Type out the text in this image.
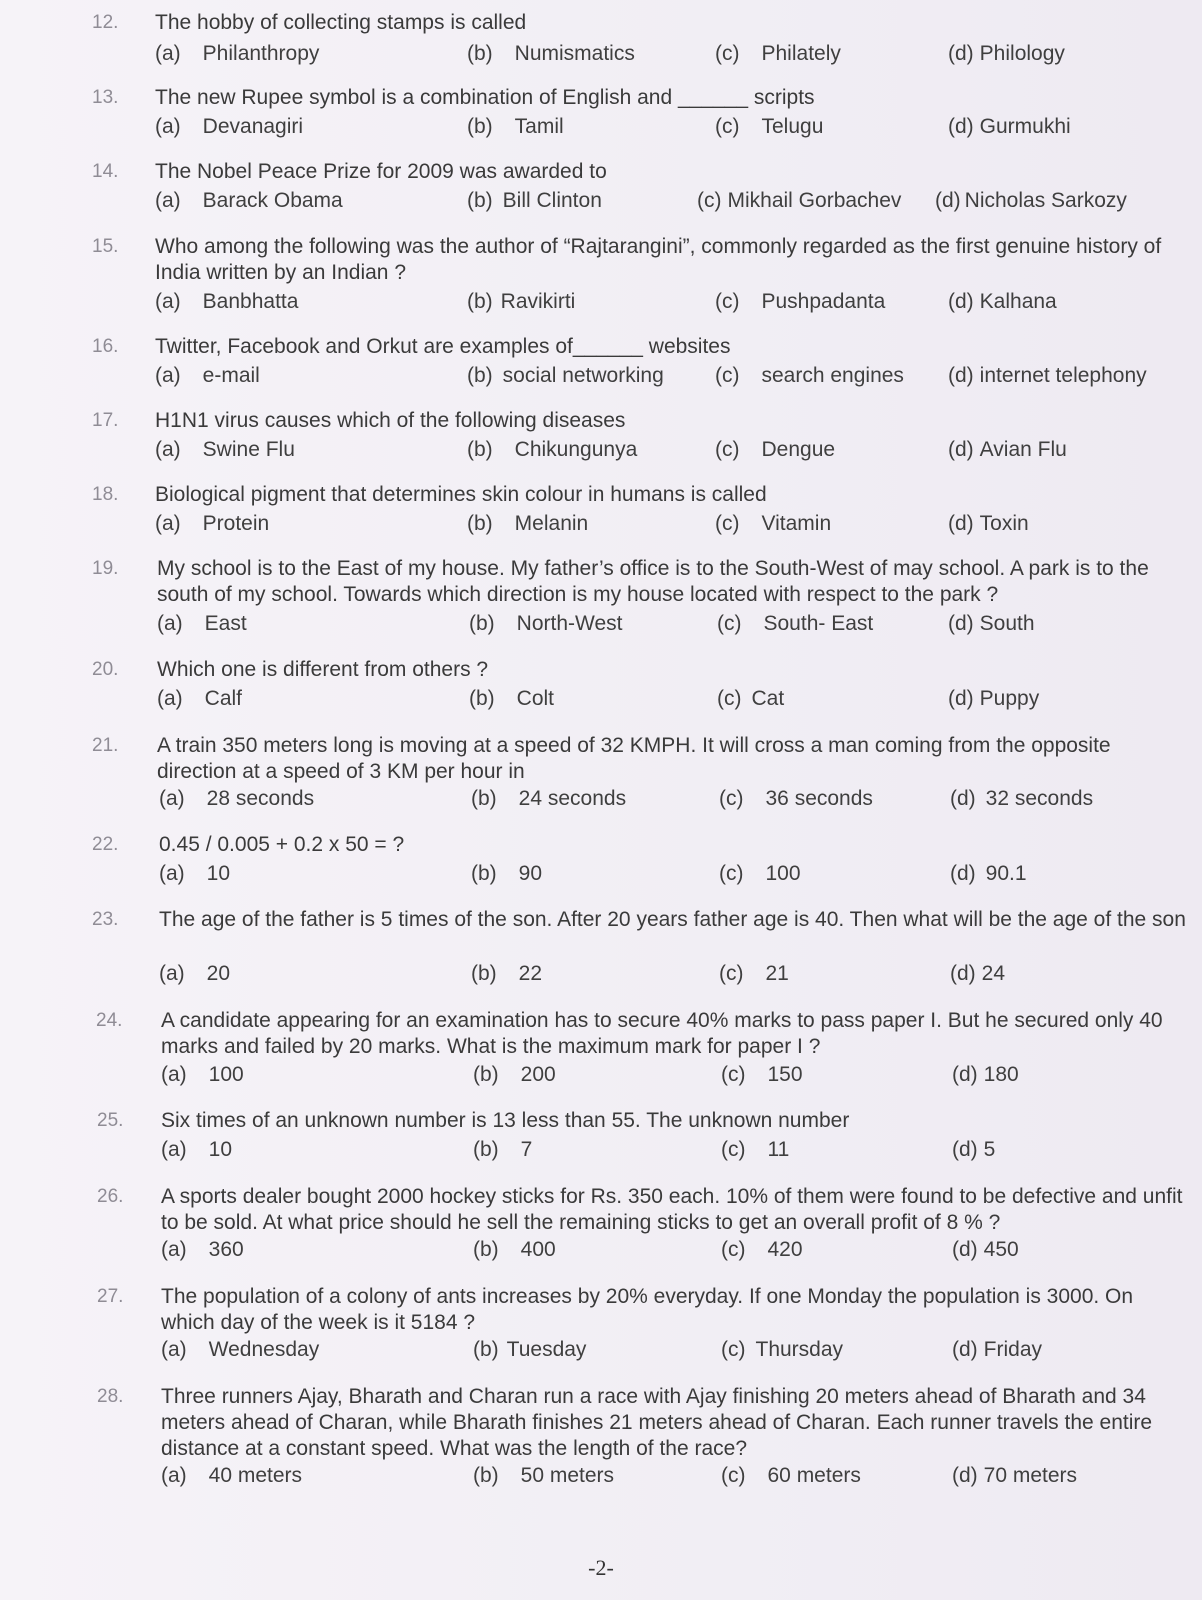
12. The hobby of collecting stamps is called
(a) Philanthropy	(b) Numismatics	(c) Philately	(d) Philology
13. The new Rupee symbol is a combination of English and ______ scripts
(a) Devanagiri	(b) Tamil	(c) Telugu	(d) Gurmukhi
14. The Nobel Peace Prize for 2009 was awarded to
(a) Barack Obama	(b) Bill Clinton	(c) Mikhail Gorbachev (d) Nicholas Sarkozy
15. Who among the following was the author of “Rajtarangini”, commonly regarded as the first genuine history of India written by an Indian ?
(a) Banbhatta	(b) Ravikirti	(c) Pushpadanta	(d) Kalhana
16. Twitter, Facebook and Orkut are examples of______ websites
(a) e-mail	(b) social networking (c) search engines (d) internet telephony
17. H1N1 virus causes which of the following diseases
(a) Swine Flu	(b) Chikungunya	(c) Dengue	(d) Avian Flu
18. Biological pigment that determines skin colour in humans is called
(a) Protein	(b) Melanin	(c) Vitamin	(d) Toxin
19. My school is to the East of my house. My father’s office is to the South-West of may school. A park is to the south of my school. Towards which direction is my house located with respect to the park ?
(a) East	(b) North-West	(c) South- East	(d) South
20. Which one is different from others ?
(a) Calf	(b) Colt	(c) Cat	(d) Puppy
21. A train 350 meters long is moving at a speed of 32 KMPH. It will cross a man coming from the opposite direction at a speed of 3 KM per hour in
(a) 28 seconds	(b) 24 seconds	(c) 36 seconds	(d) 32 seconds
22. 0.45 / 0.005 + 0.2 x 50 = ?
(a) 10	(b) 90	(c) 100	(d) 90.1
23. The age of the father is 5 times of the son. After 20 years father age is 40. Then what will be the age of the son
(a) 20	(b) 22	(c) 21	(d) 24
24. A candidate appearing for an examination has to secure 40% marks to pass paper I. But he secured only 40 marks and failed by 20 marks. What is the maximum mark for paper I ?
(a) 100	(b) 200	(c) 150	(d) 180
25. Six times of an unknown number is 13 less than 55. The unknown number
(a) 10	(b) 7	(c) 11	(d) 5
26. A sports dealer bought 2000 hockey sticks for Rs. 350 each. 10% of them were found to be defective and unfit to be sold. At what price should he sell the remaining sticks to get an overall profit of 8 % ?
(a) 360	(b) 400	(c) 420	(d) 450
27. The population of a colony of ants increases by 20% everyday. If one Monday the population is 3000. On which day of the week is it 5184 ?
(a) Wednesday	(b) Tuesday	(c) Thursday	(d) Friday
28. Three runners Ajay, Bharath and Charan run a race with Ajay finishing 20 meters ahead of Bharath and 34 meters ahead of Charan, while Bharath finishes 21 meters ahead of Charan. Each runner travels the entire distance at a constant speed. What was the length of the race?
(a) 40 meters	(b) 50 meters	(c) 60 meters	(d) 70 meters
-2-
